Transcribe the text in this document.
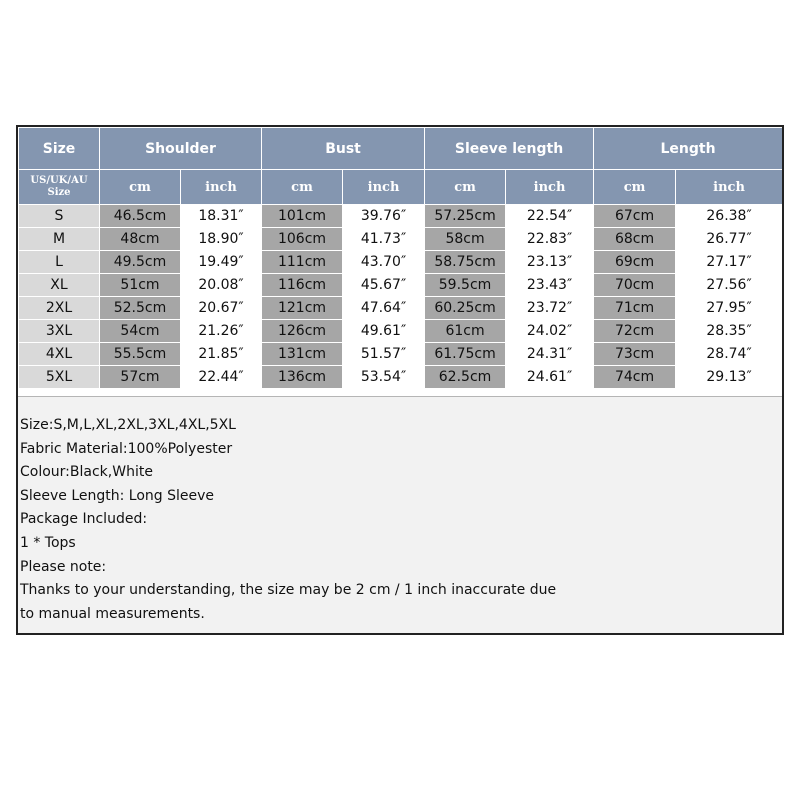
Size	Shoulder		Bust		Sleeve length		Length	

US/UK/AU
Size	cm	inch	cm	inch	cm	inch	cm	inch
S	46.5cm	18.31″	101cm	39.76″	57.25cm	22.54″	67cm	26.38″
M	48cm	18.90″	106cm	41.73″	58cm	22.83″	68cm	26.77″
L	49.5cm	19.49″	111cm	43.70″	58.75cm	23.13″	69cm	27.17″
XL	51cm	20.08″	116cm	45.67″	59.5cm	23.43″	70cm	27.56″
2XL	52.5cm	20.67″	121cm	47.64″	60.25cm	23.72″	71cm	27.95″
3XL	54cm	21.26″	126cm	49.61″	61cm	24.02″	72cm	28.35″
4XL	55.5cm	21.85″	131cm	51.57″	61.75cm	24.31″	73cm	28.74″
5XL	57cm	22.44″	136cm	53.54″	62.5cm	24.61″	74cm	29.13″
Size:S,M,L,XL,2XL,3XL,4XL,5XL
Fabric Material:100%Polyester
Colour:Black,White
Sleeve Length: Long Sleeve
Package Included:
1 * Tops
Please note:
Thanks to your understanding, the size may be 2 cm / 1 inch inaccurate due
to manual measurements.
